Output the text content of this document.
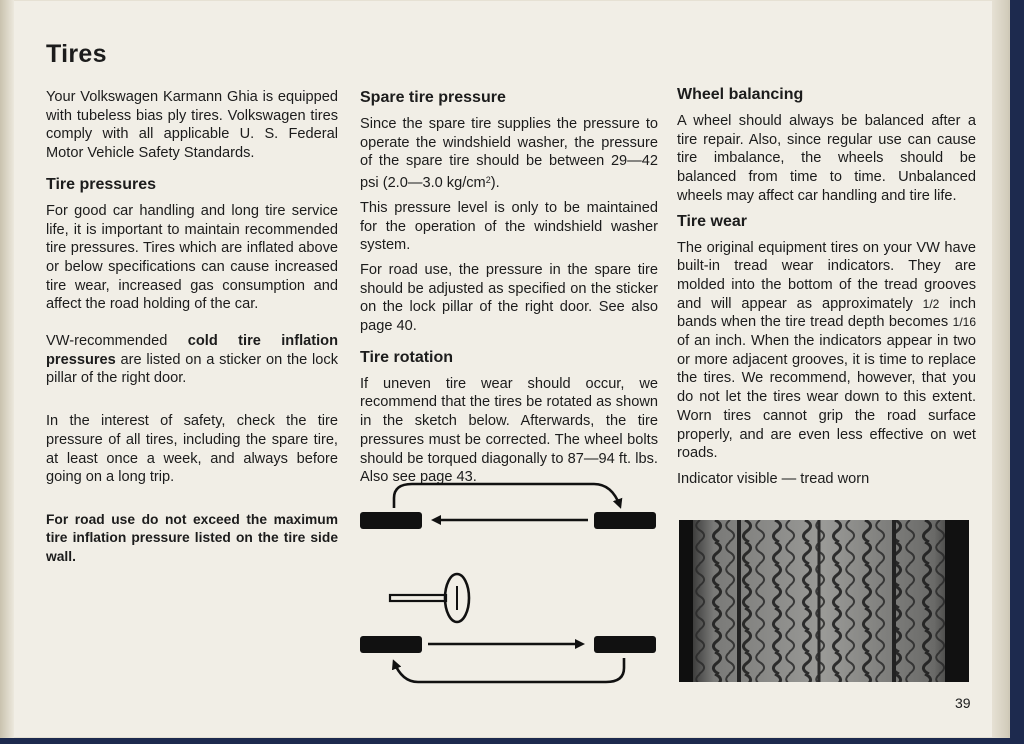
Tires

Your Volkswagen Karmann Ghia is equipped with tubeless bias ply tires. Volkswagen tires comply with all applicable U. S. Federal Motor Vehicle Safety Standards.

Tire pressures

For good car handling and long tire service life, it is important to maintain recommended tire pressures. Tires which are inflated above or below specifications can cause increased tire wear, increased gas consumption and affect the road holding of the car.

VW-recommended cold tire inflation pressures are listed on a sticker on the lock pillar of the right door.

In the interest of safety, check the tire pressure of all tires, including the spare tire, at least once a week, and always before going on a long trip.

For road use do not exceed the maximum tire inflation pressure listed on the tire side wall.

Spare tire pressure

Since the spare tire supplies the pressure to operate the windshield washer, the pressure of the spare tire should be between 29—42 psi (2.0—3.0 $kg/cm^2$).

This pressure level is only to be maintained for the operation of the windshield washer system.

For road use, the pressure in the spare tire should be adjusted as specified on the sticker on the lock pillar of the right door. See also page 40.

Tire rotation

If uneven tire wear should occur, we recommend that the tires be rotated as shown in the sketch below. Afterwards, the tire pressures must be corrected. The wheel bolts should be torqued diagonally to 87—94 ft. lbs. Also see page 43.

Wheel balancing

A wheel should always be balanced after a tire repair. Also, since regular use can cause tire imbalance, the wheels should be balanced from time to time. Unbalanced wheels may affect car handling and tire life.

Tire wear

The original equipment tires on your VW have built-in tread wear indicators. They are molded into the bottom of the tread grooves and will appear as approximately 1/2 inch bands when the tire tread depth becomes 1/16 of an inch. When the indicators appear in two or more adjacent grooves, it is time to replace the tires. We recommend, however, that you do not let the tires wear down to this extent. Worn tires cannot grip the road surface properly, and are even less effective on wet roads.

Indicator visible — tread worn

39
